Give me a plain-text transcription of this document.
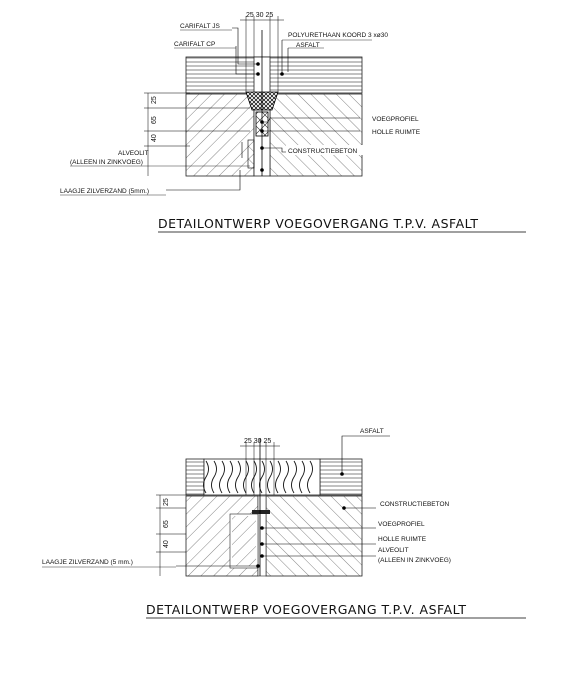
25 30 25
25
65
40
CARIFALT JS
CARIFALT CP
POLYURETHAAN KOORD 3 xø30
ASFALT
VOEGPROFIEL
HOLLE RUIMTE
CONSTRUCTIEBETON
ALVEOLIT
(ALLEEN IN ZINKVOEG)
LAAGJE ZILVERZAND (5mm.)
DETAILONTWERP VOEGOVERGANG T.P.V. ASFALT
25 30 25
25
65
40
ASFALT
CONSTRUCTIEBETON
VOEGPROFIEL
HOLLE RUIMTE
ALVEOLIT
(ALLEEN IN ZINKVOEG)
LAAGJE ZILVERZAND (5 mm.)
DETAILONTWERP VOEGOVERGANG T.P.V. ASFALT
